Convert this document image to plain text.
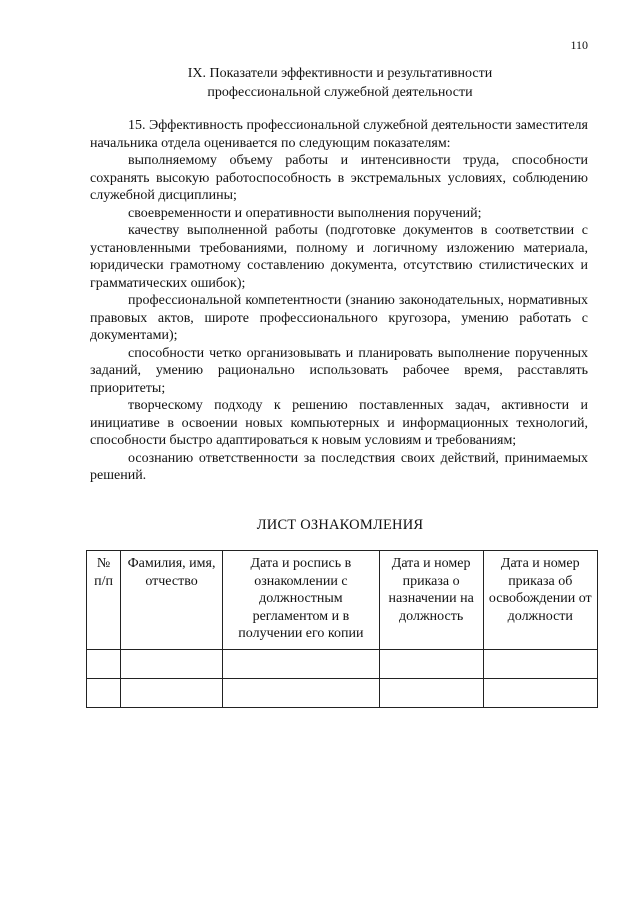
110
IX. Показатели эффективности и результативности
профессиональной служебной деятельности

15. Эффективность профессиональной служебной деятельности заместителя начальника отдела оценивается по следующим показателям:

выполняемому объему работы и интенсивности труда, способности сохранять высокую работоспособность в экстремальных условиях, соблюдению служебной дисциплины;

своевременности и оперативности выполнения поручений;

качеству выполненной работы (подготовке документов в соответствии с установленными требованиями, полному и логичному изложению материала, юридически грамотному составлению документа, отсутствию стилистических и грамматических ошибок);

профессиональной компетентности (знанию законодательных, нормативных правовых актов, широте профессионального кругозора, умению работать с документами);

способности четко организовывать и планировать выполнение порученных заданий, умению рационально использовать рабочее время, расставлять приоритеты;

творческому подходу к решению поставленных задач, активности и инициативе в освоении новых компьютерных и информационных технологий, способности быстро адаптироваться к новым условиям и требованиям;

осознанию ответственности за последствия своих действий, принимаемых решений.

ЛИСТ ОЗНАКОМЛЕНИЯ
№ п/п	Фамилия, имя, отчество	Дата и роспись в ознакомлении с должностным регламентом и в получении его копии	Дата и номер приказа о назначении на должность	Дата и номер приказа об освобождении от должности
